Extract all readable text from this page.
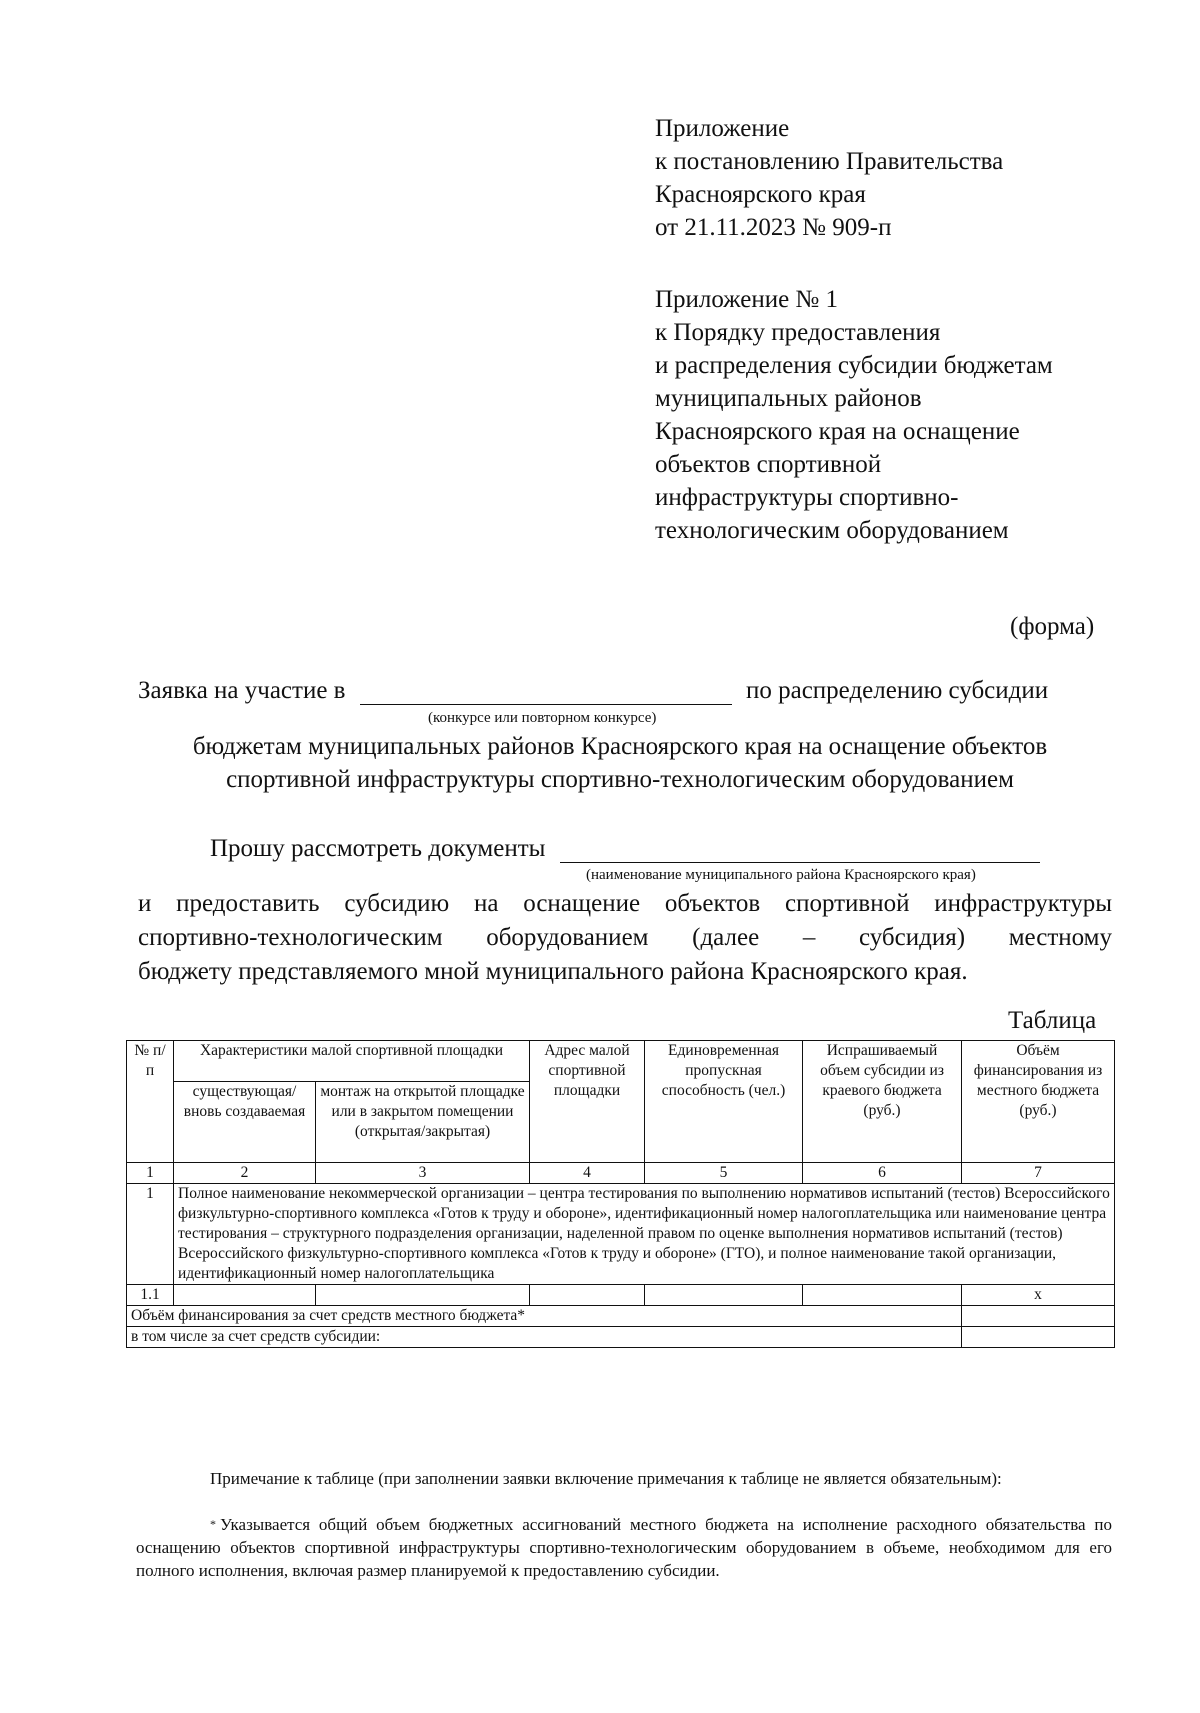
Приложение
к постановлению Правительства
Красноярского края
от 21.11.2023 № 909-п
Приложение № 1
к Порядку предоставления
и распределения субсидии бюджетам
муниципальных районов
Красноярского края на оснащение
объектов спортивной
инфраструктуры спортивно-
технологическим оборудованием
(форма)
Заявка на участие в	по распределению субсидии
(конкурсе или повторном конкурсе)
бюджетам муниципальных районов Красноярского края на оснащение объектов
спортивной инфраструктуры спортивно-технологическим оборудованием
Прошу рассмотреть документы
(наименование муниципального района Красноярского края)
и предоставить субсидию на оснащение объектов спортивной инфраструктуры
спортивно-технологическим оборудованием (далее – субсидия) местному
бюджету представляемого мной муниципального района Красноярского края.
Таблица
№ п/п	Характеристики малой спортивной площадки		Адрес малой спортивной площадки	Единовременная пропускная способность (чел.)	Испрашиваемый объем субсидии из краевого бюджета (руб.)	Объём финансирования из местного бюджета (руб.)
	существующая/ вновь создаваемая	монтаж на открытой площадке или в закрытом помещении (открытая/закрытая)				
1	2	3	4	5	6	7
1	Полное наименование некоммерческой организации – центра тестирования по выполнению нормативов испытаний (тестов) Всероссийского физкультурно-спортивного комплекса «Готов к труду и обороне», идентификационный номер налогоплательщика или наименование центра тестирования – структурного подразделения организации, наделенной правом по оценке выполнения нормативов испытаний (тестов) Всероссийского физкультурно-спортивного комплекса «Готов к труду и обороне» (ГТО), и полное наименование такой организации, идентификационный номер налогоплательщика					
1.1						х
Объём финансирования за счет средств местного бюджета*						
в том числе за счет средств субсидии:						
Примечание к таблице (при заполнении заявки включение примечания к таблице не является обязательным):
* Указывается общий объем бюджетных ассигнований местного бюджета на исполнение расходного обязательства по оснащению объектов спортивной инфраструктуры спортивно-технологическим оборудованием в объеме, необходимом для его полного исполнения, включая размер планируемой к предоставлению субсидии.
